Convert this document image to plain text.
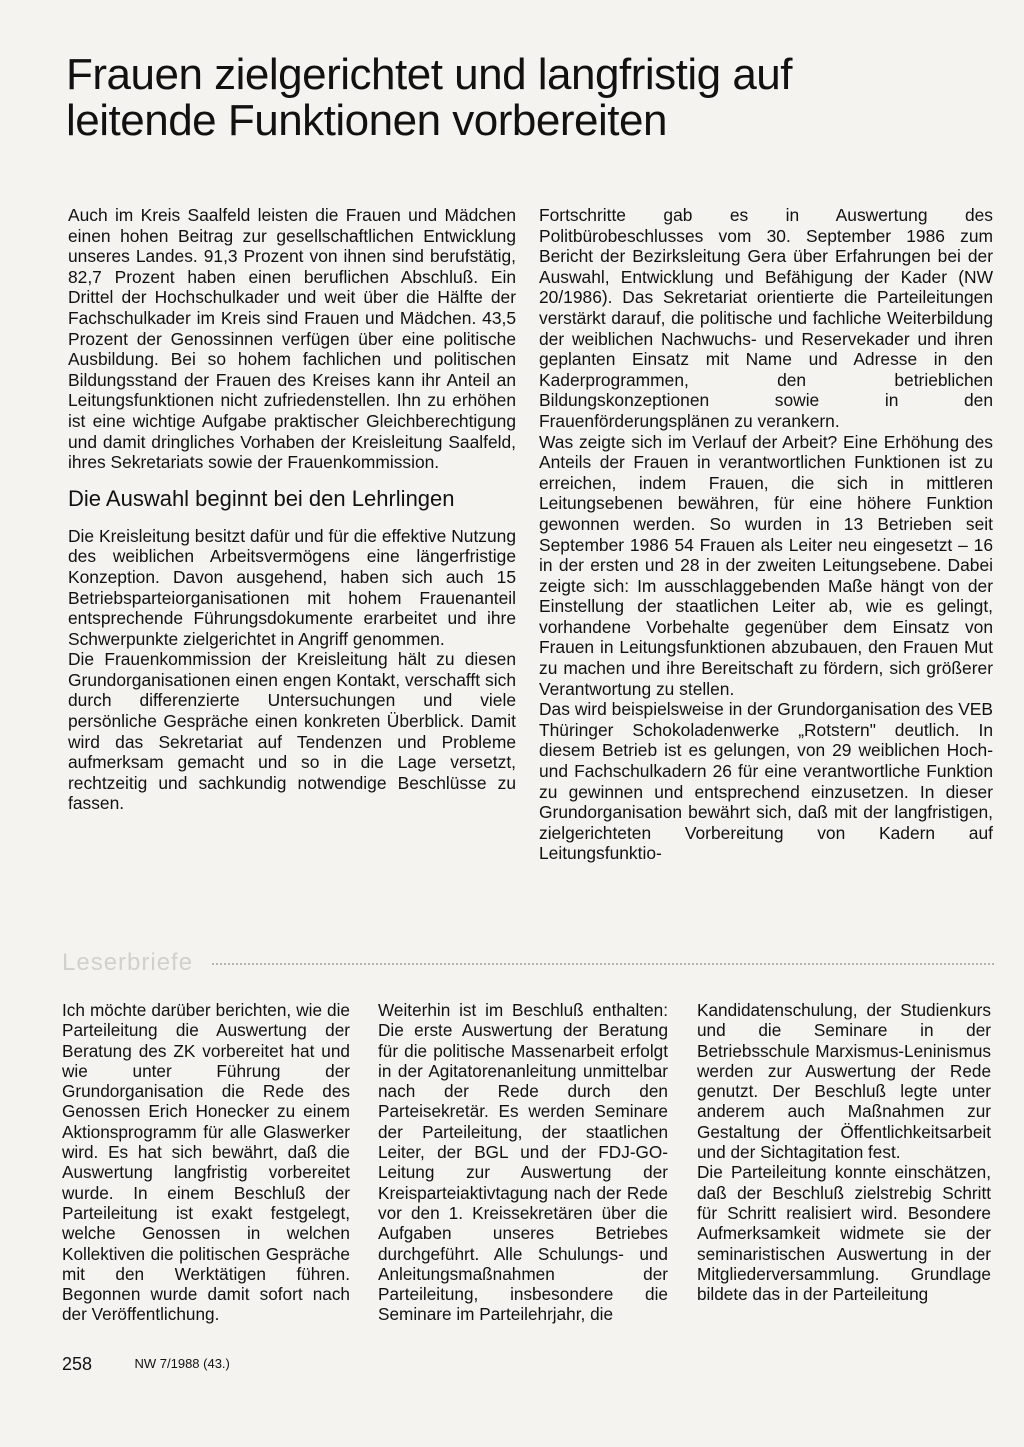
Frauen zielgerichtet und langfristig auf leitende Funktionen vorbereiten

Auch im Kreis Saalfeld leisten die Frauen und Mädchen einen hohen Beitrag zur gesellschaftlichen Entwicklung unseres Landes. 91,3 Prozent von ihnen sind berufstätig, 82,7 Prozent haben einen beruflichen Abschluß. Ein Drittel der Hochschulkader und weit über die Hälfte der Fachschulkader im Kreis sind Frauen und Mädchen. 43,5 Prozent der Genossinnen verfügen über eine politische Ausbildung. Bei so hohem fachlichen und politischen Bildungsstand der Frauen des Kreises kann ihr Anteil an Leitungsfunktionen nicht zufriedenstellen. Ihn zu erhöhen ist eine wichtige Aufgabe praktischer Gleichberechtigung und damit dringliches Vorhaben der Kreisleitung Saalfeld, ihres Sekretariats sowie der Frauenkommission.

Die Auswahl beginnt bei den Lehrlingen

Die Kreisleitung besitzt dafür und für die effektive Nutzung des weiblichen Arbeitsvermögens eine längerfristige Konzeption. Davon ausgehend, haben sich auch 15 Betriebsparteiorganisationen mit hohem Frauenanteil entsprechende Führungsdokumente erarbeitet und ihre Schwerpunkte zielgerichtet in Angriff genommen.

Die Frauenkommission der Kreisleitung hält zu diesen Grundorganisationen einen engen Kontakt, verschafft sich durch differenzierte Untersuchungen und viele persönliche Gespräche einen konkreten Überblick. Damit wird das Sekretariat auf Tendenzen und Probleme aufmerksam gemacht und so in die Lage versetzt, rechtzeitig und sachkundig notwendige Beschlüsse zu fassen.

Fortschritte gab es in Auswertung des Politbürobeschlusses vom 30. September 1986 zum Bericht der Bezirksleitung Gera über Erfahrungen bei der Auswahl, Entwicklung und Befähigung der Kader (NW 20/1986). Das Sekretariat orientierte die Parteileitungen verstärkt darauf, die politische und fachliche Weiterbildung der weiblichen Nachwuchs- und Reservekader und ihren geplanten Einsatz mit Name und Adresse in den Kaderprogrammen, den betrieblichen Bildungskonzeptionen sowie in den Frauenförderungsplänen zu verankern.

Was zeigte sich im Verlauf der Arbeit? Eine Erhöhung des Anteils der Frauen in verantwortlichen Funktionen ist zu erreichen, indem Frauen, die sich in mittleren Leitungsebenen bewähren, für eine höhere Funktion gewonnen werden. So wurden in 13 Betrieben seit September 1986 54 Frauen als Leiter neu eingesetzt – 16 in der ersten und 28 in der zweiten Leitungsebene. Dabei zeigte sich: Im ausschlaggebenden Maße hängt von der Einstellung der staatlichen Leiter ab, wie es gelingt, vorhandene Vorbehalte gegenüber dem Einsatz von Frauen in Leitungsfunktionen abzubauen, den Frauen Mut zu machen und ihre Bereitschaft zu fördern, sich größerer Verantwortung zu stellen.

Das wird beispielsweise in der Grundorganisation des VEB Thüringer Schokoladenwerke „Rotstern" deutlich. In diesem Betrieb ist es gelungen, von 29 weiblichen Hoch- und Fachschulkadern 26 für eine verantwortliche Funktion zu gewinnen und entsprechend einzusetzen. In dieser Grundorganisation bewährt sich, daß mit der langfristigen, zielgerichteten Vorbereitung von Kadern auf Leitungsfunktio-

Leserbriefe

Ich möchte darüber berichten, wie die Parteileitung die Auswertung der Beratung des ZK vorbereitet hat und wie unter Führung der Grundorganisation die Rede des Genossen Erich Honecker zu einem Aktionsprogramm für alle Glaswerker wird. Es hat sich bewährt, daß die Auswertung langfristig vorbereitet wurde. In einem Beschluß der Parteileitung ist exakt festgelegt, welche Genossen in welchen Kollektiven die politischen Gespräche mit den Werktätigen führen. Begonnen wurde damit sofort nach der Veröffentlichung.

Weiterhin ist im Beschluß enthalten: Die erste Auswertung der Beratung für die politische Massenarbeit erfolgt in der Agitatorenanleitung unmittelbar nach der Rede durch den Parteisekretär. Es werden Seminare der Parteileitung, der staatlichen Leiter, der BGL und der FDJ-GO-Leitung zur Auswertung der Kreisparteiaktivtagung nach der Rede vor den 1. Kreissekretären über die Aufgaben unseres Betriebes durchgeführt. Alle Schulungs- und Anleitungsmaßnahmen der Parteileitung, insbesondere die Seminare im Parteilehrjahr, die

Kandidatenschulung, der Studienkurs und die Seminare in der Betriebsschule Marxismus-Leninismus werden zur Auswertung der Rede genutzt. Der Beschluß legte unter anderem auch Maßnahmen zur Gestaltung der Öffentlichkeitsarbeit und der Sichtagitation fest.

Die Parteileitung konnte einschätzen, daß der Beschluß zielstrebig Schritt für Schritt realisiert wird. Besondere Aufmerksamkeit widmete sie der seminaristischen Auswertung in der Mitgliederversammlung. Grundlage bildete das in der Parteileitung

258	NW 7/1988 (43.)
